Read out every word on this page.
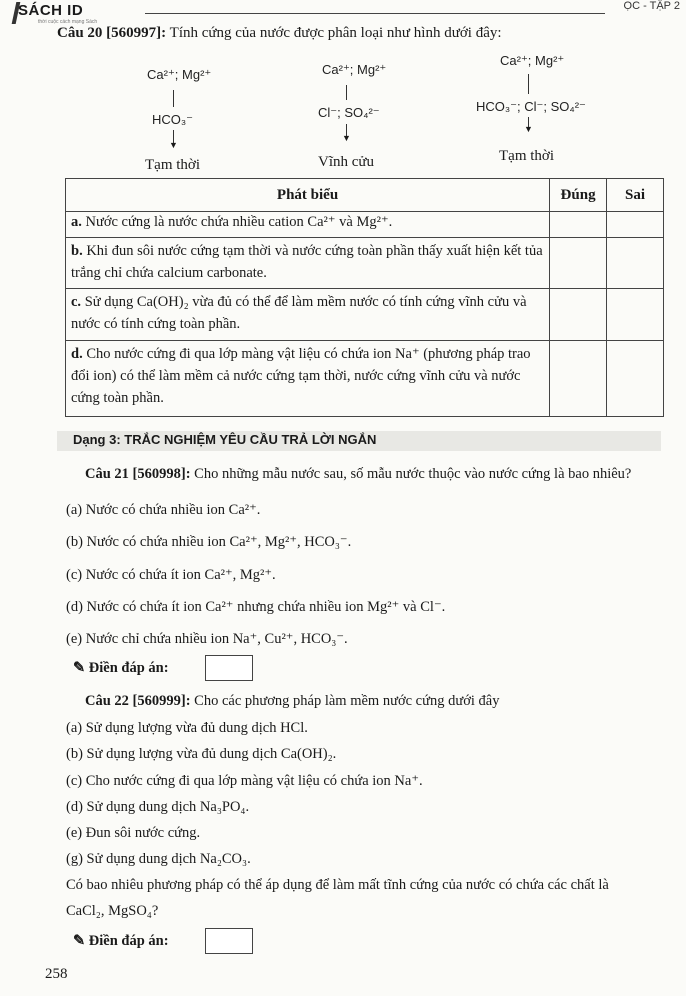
SÁCH ID
thời cuộc cách mạng Sách
ỌC - TẬP 2
Câu 20 [560997]: Tính cứng của nước được phân loại như hình dưới đây:
Ca²⁺; Mg²⁺
HCO₃⁻
▼
Tạm thời
Ca²⁺; Mg²⁺
Cl⁻; SO₄²⁻
▼
Vĩnh cửu
Ca²⁺; Mg²⁺
HCO₃⁻; Cl⁻; SO₄²⁻
▼
Tạm thời
Phát biểu	Đúng	Sai
a. Nước cứng là nước chứa nhiều cation Ca²⁺ và Mg²⁺.		
b. Khi đun sôi nước cứng tạm thời và nước cứng toàn phần thấy xuất hiện kết tủa trắng chỉ chứa calcium carbonate.		
c. Sử dụng Ca(OH)₂ vừa đủ có thể để làm mềm nước có tính cứng vĩnh cửu và nước có tính cứng toàn phần.		
d. Cho nước cứng đi qua lớp màng vật liệu có chứa ion Na⁺ (phương pháp trao đổi ion) có thể làm mềm cả nước cứng tạm thời, nước cứng vĩnh cửu và nước cứng toàn phần.		
Dạng 3: TRẮC NGHIỆM YÊU CẦU TRẢ LỜI NGẮN
Câu 21 [560998]: Cho những mẫu nước sau, số mẫu nước thuộc vào nước cứng là bao nhiêu?
(a) Nước có chứa nhiều ion Ca²⁺.
(b) Nước có chứa nhiều ion Ca²⁺, Mg²⁺, HCO₃⁻.
(c) Nước có chứa ít ion Ca²⁺, Mg²⁺.
(d) Nước có chứa ít ion Ca²⁺ nhưng chứa nhiều ion Mg²⁺ và Cl⁻.
(e) Nước chỉ chứa nhiều ion Na⁺, Cu²⁺, HCO₃⁻.
✎ Điền đáp án:
Câu 22 [560999]: Cho các phương pháp làm mềm nước cứng dưới đây
(a) Sử dụng lượng vừa đủ dung dịch HCl.
(b) Sử dụng lượng vừa đủ dung dịch Ca(OH)₂.
(c) Cho nước cứng đi qua lớp màng vật liệu có chứa ion Na⁺.
(d) Sử dụng dung dịch Na₃PO₄.
(e) Đun sôi nước cứng.
(g) Sử dụng dung dịch Na₂CO₃.
Có bao nhiêu phương pháp có thể áp dụng để làm mất tĩnh cứng của nước có chứa các chất là
CaCl₂, MgSO₄?
✎ Điền đáp án:
258
